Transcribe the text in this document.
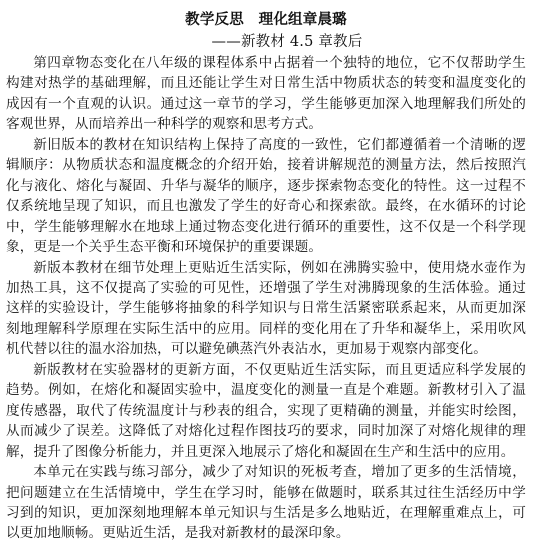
教学反思　理化组章晨璐
——新教材 4.5 章教后

第四章物态变化在八年级的课程体系中占据着一个独特的地位，它不仅帮助学生构建对热学的基础理解，而且还能让学生对日常生活中物质状态的转变和温度变化的成因有一个直观的认识。通过这一章节的学习，学生能够更加深入地理解我们所处的客观世界，从而培养出一种科学的观察和思考方式。

新旧版本的教材在知识结构上保持了高度的一致性，它们都遵循着一个清晰的逻辑顺序：从物质状态和温度概念的介绍开始，接着讲解规范的测量方法，然后按照汽化与液化、熔化与凝固、升华与凝华的顺序，逐步探索物态变化的特性。这一过程不仅系统地呈现了知识，而且也激发了学生的好奇心和探索欲。最终，在水循环的讨论中，学生能够理解水在地球上通过物态变化进行循环的重要性，这不仅是一个科学现象，更是一个关乎生态平衡和环境保护的重要课题。

新版本教材在细节处理上更贴近生活实际，例如在沸腾实验中，使用烧水壶作为加热工具，这不仅提高了实验的可见性，还增强了学生对沸腾现象的生活体验。通过这样的实验设计，学生能够将抽象的科学知识与日常生活紧密联系起来，从而更加深刻地理解科学原理在实际生活中的应用。同样的变化用在了升华和凝华上，采用吹风机代替以往的温水浴加热，可以避免碘蒸汽外表沾水，更加易于观察内部变化。

新版教材在实验器材的更新方面，不仅更贴近生活实际，而且更适应科学发展的趋势。例如，在熔化和凝固实验中，温度变化的测量一直是个难题。新教材引入了温度传感器，取代了传统温度计与秒表的组合，实现了更精确的测量，并能实时绘图，从而减少了误差。这降低了对熔化过程作图技巧的要求，同时加深了对熔化规律的理解，提升了图像分析能力，并且更深入地展示了熔化和凝固在生产和生活中的应用。

本单元在实践与练习部分，减少了对知识的死板考查，增加了更多的生活情境，把问题建立在生活情境中，学生在学习时，能够在做题时，联系其过往生活经历中学习到的知识，更加深刻地理解本单元知识与生活是多么地贴近，在理解重难点上，可以更加地顺畅。更贴近生活，是我对新教材的最深印象。
